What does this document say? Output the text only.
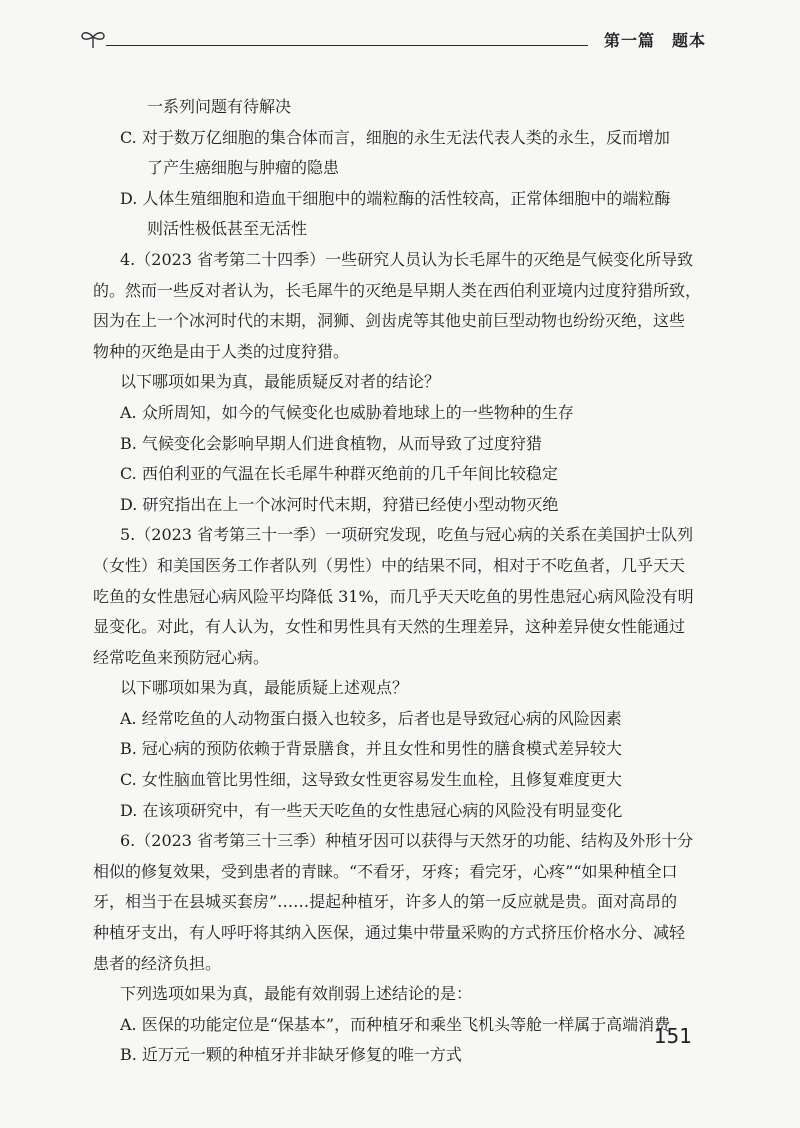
第一篇　题本
一系列问题有待解决
C. 对于数万亿细胞的集合体而言，细胞的永生无法代表人类的永生，反而增加
了产生癌细胞与肿瘤的隐患
D. 人体生殖细胞和造血干细胞中的端粒酶的活性较高，正常体细胞中的端粒酶
则活性极低甚至无活性
4.（2023 省考第二十四季）一些研究人员认为长毛犀牛的灭绝是气候变化所导致
的。然而一些反对者认为，长毛犀牛的灭绝是早期人类在西伯利亚境内过度狩猎所致，
因为在上一个冰河时代的末期，洞狮、剑齿虎等其他史前巨型动物也纷纷灭绝，这些
物种的灭绝是由于人类的过度狩猎。
以下哪项如果为真，最能质疑反对者的结论？
A. 众所周知，如今的气候变化也威胁着地球上的一些物种的生存
B. 气候变化会影响早期人们进食植物，从而导致了过度狩猎
C. 西伯利亚的气温在长毛犀牛种群灭绝前的几千年间比较稳定
D. 研究指出在上一个冰河时代末期，狩猎已经使小型动物灭绝
5.（2023 省考第三十一季）一项研究发现，吃鱼与冠心病的关系在美国护士队列
（女性）和美国医务工作者队列（男性）中的结果不同，相对于不吃鱼者，几乎天天
吃鱼的女性患冠心病风险平均降低 31%，而几乎天天吃鱼的男性患冠心病风险没有明
显变化。对此，有人认为，女性和男性具有天然的生理差异，这种差异使女性能通过
经常吃鱼来预防冠心病。
以下哪项如果为真，最能质疑上述观点？
A. 经常吃鱼的人动物蛋白摄入也较多，后者也是导致冠心病的风险因素
B. 冠心病的预防依赖于背景膳食，并且女性和男性的膳食模式差异较大
C. 女性脑血管比男性细，这导致女性更容易发生血栓，且修复难度更大
D. 在该项研究中，有一些天天吃鱼的女性患冠心病的风险没有明显变化
6.（2023 省考第三十三季）种植牙因可以获得与天然牙的功能、结构及外形十分
相似的修复效果，受到患者的青睐。“不看牙，牙疼；看完牙，心疼”“如果种植全口
牙，相当于在县城买套房”……提起种植牙，许多人的第一反应就是贵。面对高昂的
种植牙支出，有人呼吁将其纳入医保，通过集中带量采购的方式挤压价格水分、减轻
患者的经济负担。
下列选项如果为真，最能有效削弱上述结论的是：
A. 医保的功能定位是“保基本”，而种植牙和乘坐飞机头等舱一样属于高端消费
B. 近万元一颗的种植牙并非缺牙修复的唯一方式
151
